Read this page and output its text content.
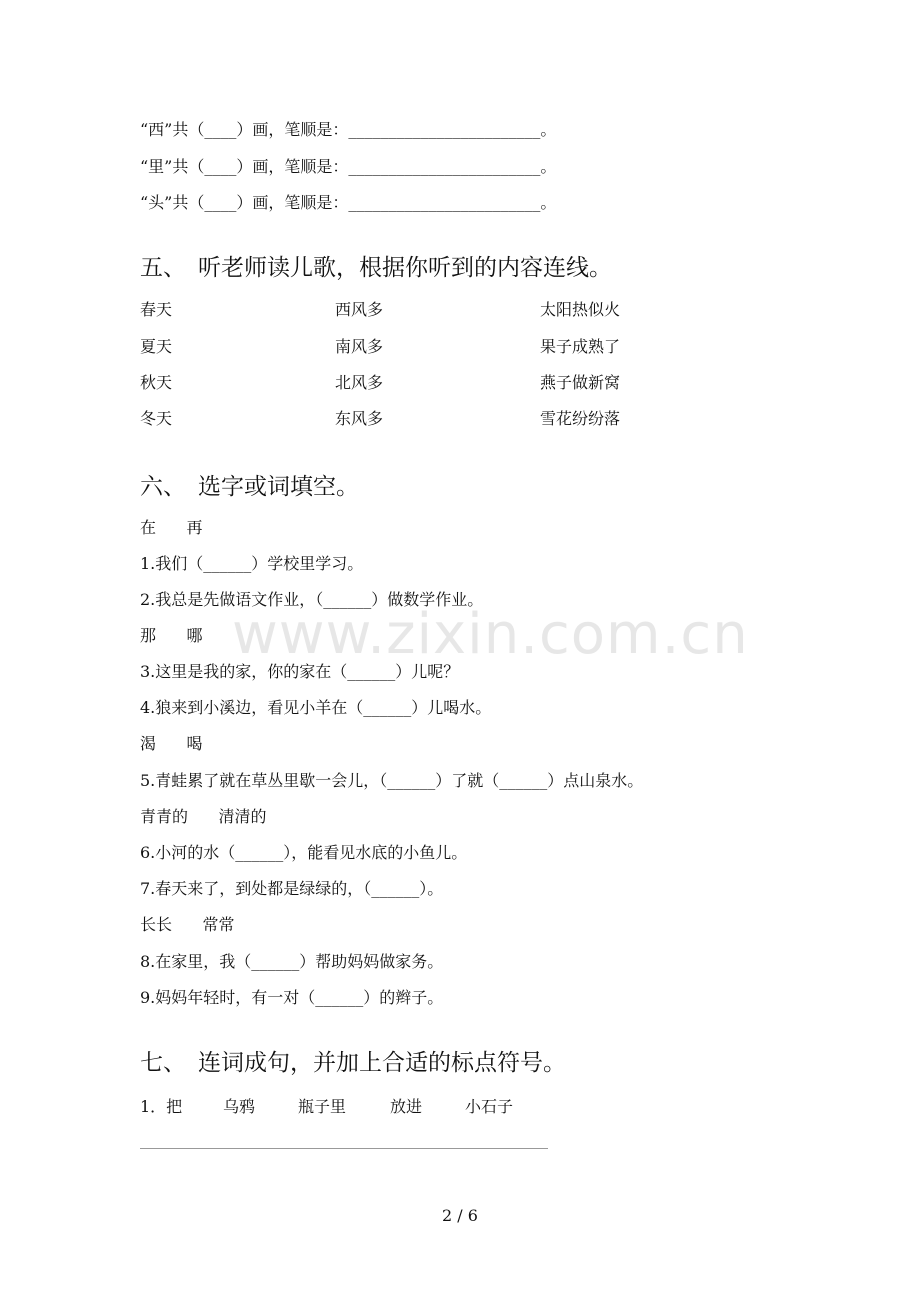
“西”共（____）画，笔顺是：________________________。
“里”共（____）画，笔顺是：________________________。
“头”共（____）画，笔顺是：________________________。
五、 听老师读儿歌，根据你听到的内容连线。
春天	西风多	太阳热似火
夏天	南风多	果子成熟了
秋天	北风多	燕子做新窝
冬天	东风多	雪花纷纷落
六、 选字或词填空。
在      再
1.我们（______）学校里学习。
2.我总是先做语文作业，（______）做数学作业。
那      哪
3.这里是我的家，你的家在（______）儿呢？
4.狼来到小溪边，看见小羊在（______）儿喝水。
渴      喝
5.青蛙累了就在草丛里歇一会儿，（______）了就（______）点山泉水。
青青的      清清的
6.小河的水（______），能看见水底的小鱼儿。
7.春天来了，到处都是绿绿的，（______）。
长长      常常
8.在家里，我（______）帮助妈妈做家务。
9.妈妈年轻时，有一对（______）的辫子。
七、 连词成句，并加上合适的标点符号。
1．把	乌鸦	瓶子里	放进	小石子
www.zixin.com.cn
2 / 6
